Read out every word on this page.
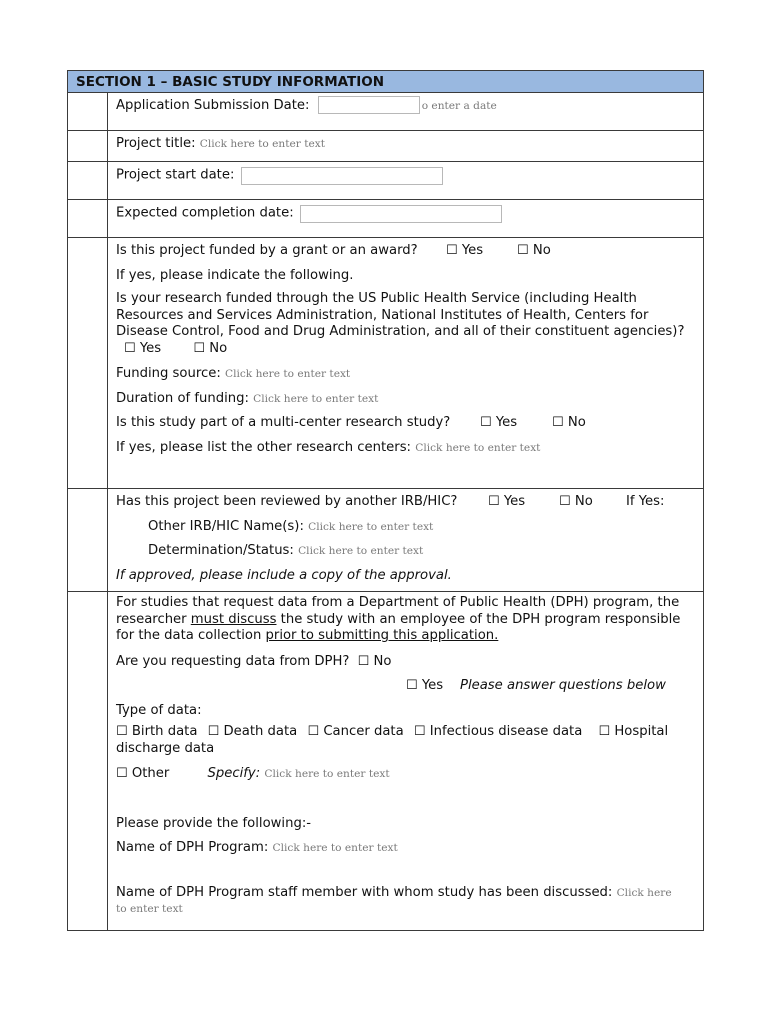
SECTION 1 – BASIC STUDY INFORMATION
Application Submission Date:	o enter a date
Project title: Click here to enter text
Project start date:
Expected completion date:
Is this project funded by a grant or an award? ☐ Yes	☐ No
If yes, please indicate the following.
Is your research funded through the US Public Health Service (including Health Resources and Services Administration, National Institutes of Health, Centers for Disease Control, Food and Drug Administration, and all of their constituent agencies)? ☐ Yes ☐ No
Funding source: Click here to enter text
Duration of funding: Click here to enter text
Is this study part of a multi-center research study? ☐ Yes	☐ No
If yes, please list the other research centers: Click here to enter text
Has this project been reviewed by another IRB/HIC? ☐ Yes	☐ No	If Yes:
Other IRB/HIC Name(s): Click here to enter text
Determination/Status: Click here to enter text
If approved, please include a copy of the approval.
For studies that request data from a Department of Public Health (DPH) program, the researcher must discuss the study with an employee of the DPH program responsible for the data collection prior to submitting this application.
Are you requesting data from DPH? ☐ No
☐ Yes Please answer questions below
Type of data:
☐ Birth data ☐ Death data ☐ Cancer data ☐ Infectious disease data ☐ Hospital discharge data
☐ Other	Specify: Click here to enter text
Please provide the following:-
Name of DPH Program: Click here to enter text
Name of DPH Program staff member with whom study has been discussed: Click here
to enter text
